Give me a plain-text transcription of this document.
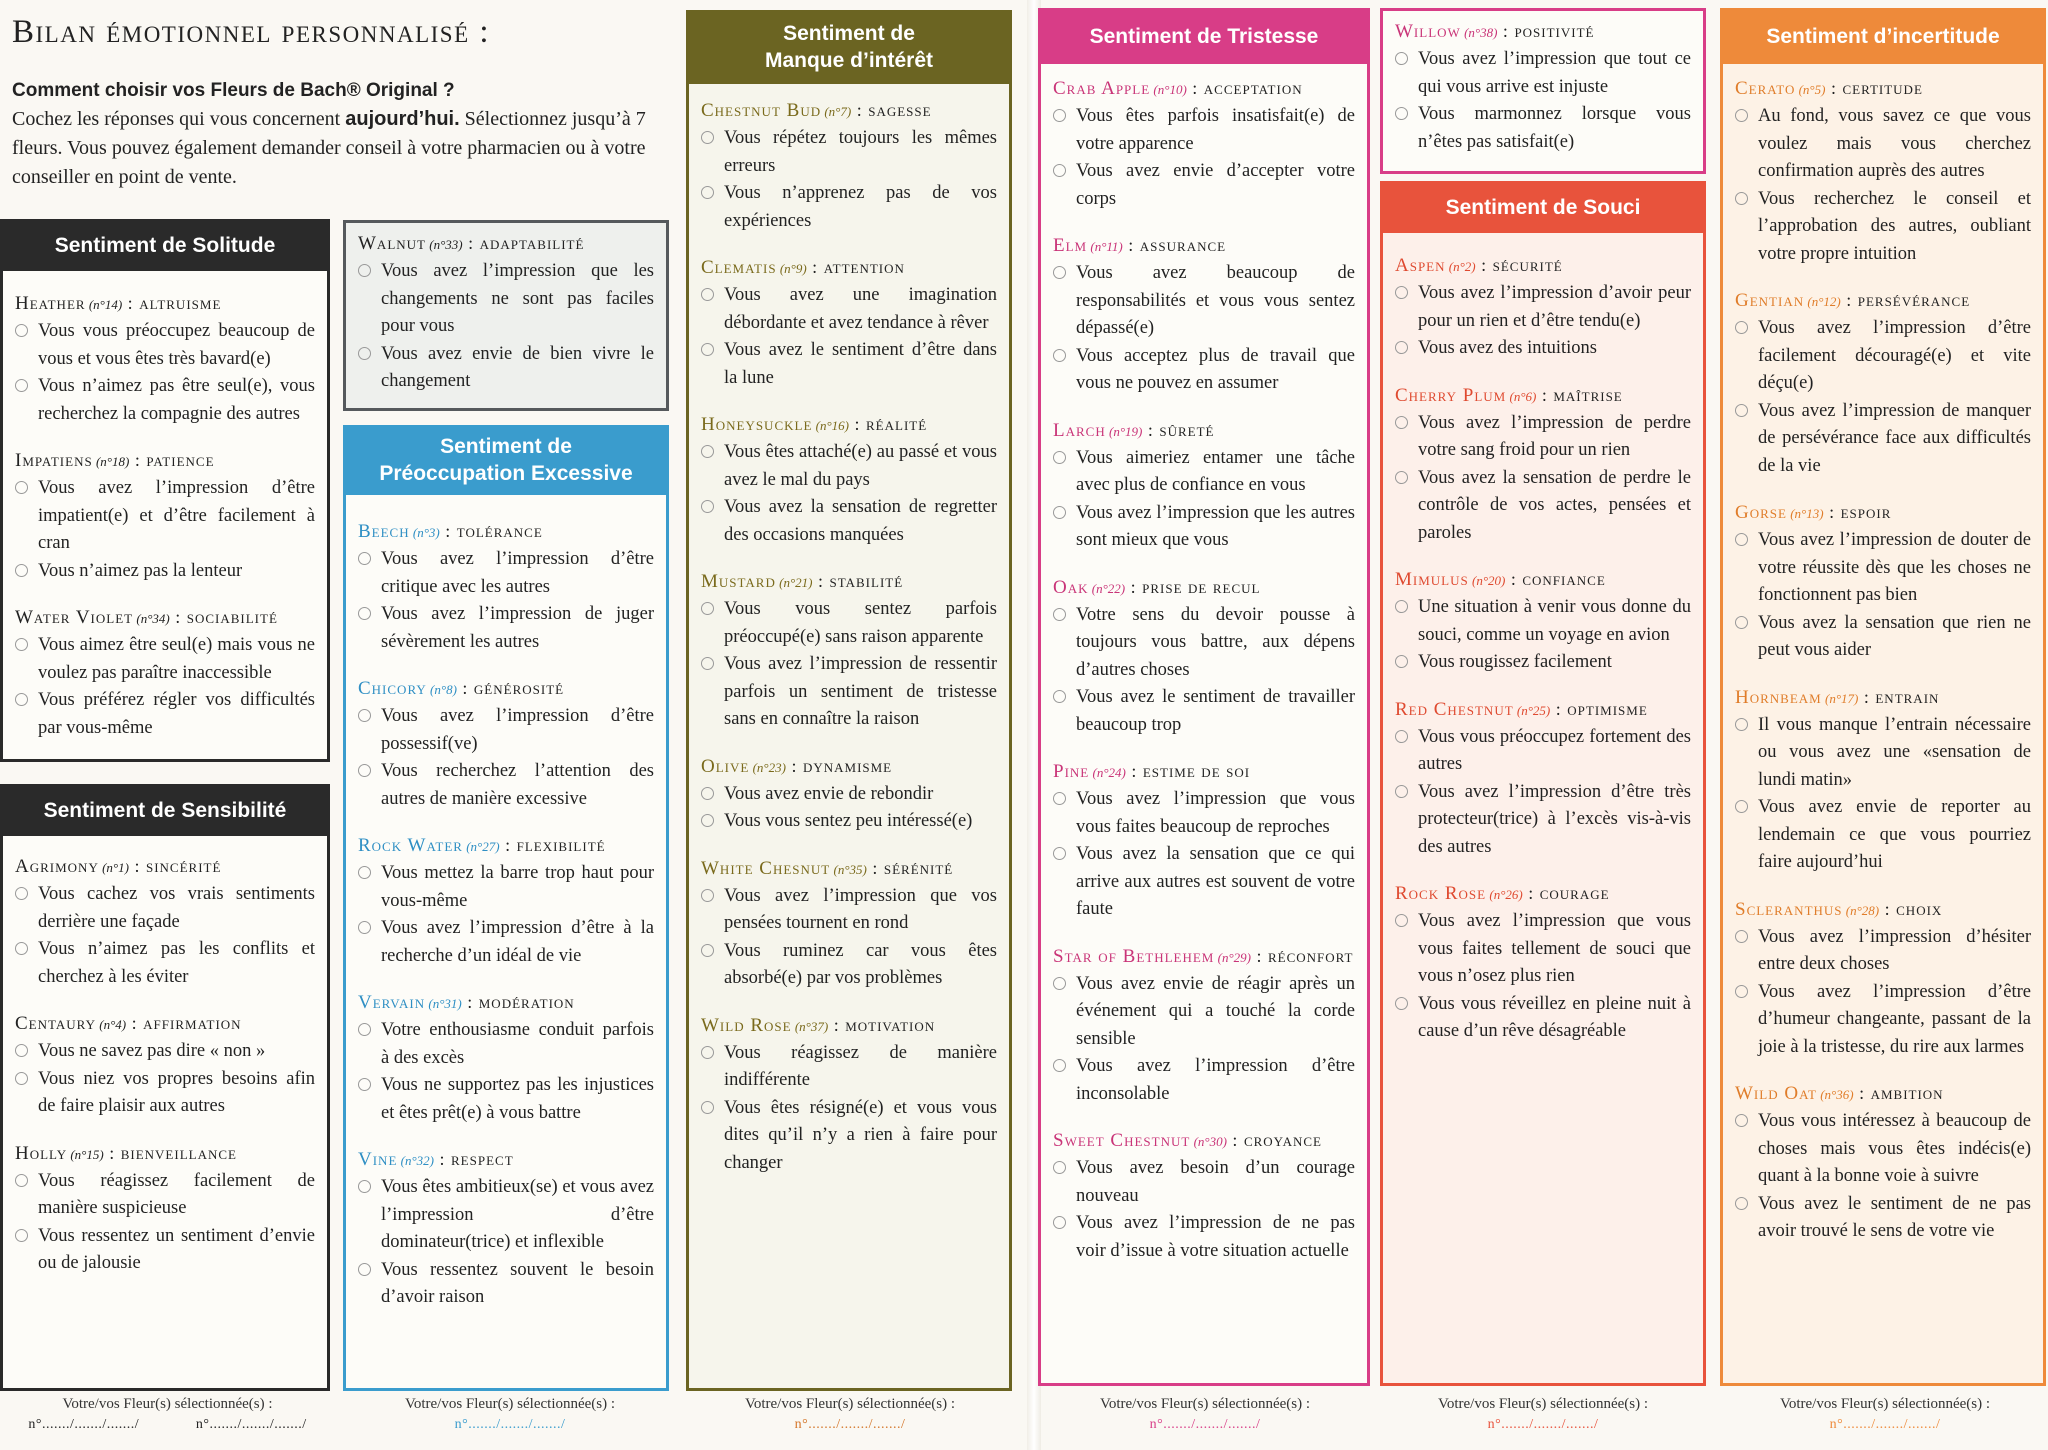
Bilan émotionnel personnalisé :
Comment choisir vos Fleurs de Bach® Original ?
Cochez les réponses qui vous concernent aujourd’hui. Sélectionnez jusqu’à 7 fleurs. Vous pouvez également demander conseil à votre pharmacien ou à votre conseiller en point de vente.
Sentiment de Solitude
Heather (n°14) : altruisme
Vous vous préoccupez beaucoup de vous et vous êtes très bavard(e)
Vous n’aimez pas être seul(e), vous recherchez la compagnie des autres
Impatiens (n°18) : patience
Vous avez l’impression d’être impatient(e) et d’être facilement à cran
Vous n’aimez pas la lenteur
Water Violet (n°34) : sociabilité
Vous aimez être seul(e) mais vous ne voulez pas paraître inaccessible
Vous préférez régler vos difficultés par vous-même
Sentiment de Sensibilité
Agrimony (n°1) : sincérité
Vous cachez vos vrais sentiments derrière une façade
Vous n’aimez pas les conflits et cherchez à les éviter
Centaury (n°4) : affirmation
Vous ne savez pas dire « non »
Vous niez vos propres besoins afin de faire plaisir aux autres
Holly (n°15) : bienveillance
Vous réagissez facilement de manière suspicieuse
Vous ressentez un sentiment d’envie ou de jalousie
Walnut (n°33) : adaptabilité
Vous avez l’impression que les changements ne sont pas faciles pour vous
Vous avez envie de bien vivre le changement
Sentiment de
Préoccupation Excessive
Beech (n°3) : tolérance
Vous avez l’impression d’être critique avec les autres
Vous avez l’impression de juger sévèrement les autres
Chicory (n°8) : générosité
Vous avez l’impression d’être possessif(ve)
Vous recherchez l’attention des autres de manière excessive
Rock Water (n°27) : flexibilité
Vous mettez la barre trop haut pour vous-même
Vous avez l’impression d’être à la recherche d’un idéal de vie
Vervain (n°31) : modération
Votre enthousiasme conduit parfois à des excès
Vous ne supportez pas les injustices et êtes prêt(e) à vous battre
Vine (n°32) : respect
Vous êtes ambitieux(se) et vous avez l’impression d’être dominateur(trice) et inflexible
Vous ressentez souvent le besoin d’avoir raison
Sentiment de
Manque d’intérêt
Chestnut Bud (n°7) : sagesse
Vous répétez toujours les mêmes erreurs
Vous n’apprenez pas de vos expériences
Clematis (n°9) : attention
Vous avez une imagination débordante et avez tendance à rêver
Vous avez le sentiment d’être dans la lune
Honeysuckle (n°16) : réalité
Vous êtes attaché(e) au passé et vous avez le mal du pays
Vous avez la sensation de regretter des occasions manquées
Mustard (n°21) : stabilité
Vous vous sentez parfois préoccupé(e) sans raison apparente
Vous avez l’impression de ressentir parfois un sentiment de tristesse sans en connaître la raison
Olive (n°23) : dynamisme
Vous avez envie de rebondir
Vous vous sentez peu intéressé(e)
White Chesnut (n°35) : sérénité
Vous avez l’impression que vos pensées tournent en rond
Vous ruminez car vous êtes absorbé(e) par vos problèmes
Wild Rose (n°37) : motivation
Vous réagissez de manière indifférente
Vous êtes résigné(e) et vous vous dites qu’il n’y a rien à faire pour changer
Sentiment de Tristesse
Crab Apple (n°10) : acceptation
Vous êtes parfois insatisfait(e) de votre apparence
Vous avez envie d’accepter votre corps
Elm (n°11) : assurance
Vous avez beaucoup de responsabilités et vous vous sentez dépassé(e)
Vous acceptez plus de travail que vous ne pouvez en assumer
Larch (n°19) : sûreté
Vous aimeriez entamer une tâche avec plus de confiance en vous
Vous avez l’impression que les autres sont mieux que vous
Oak (n°22) : prise de recul
Votre sens du devoir pousse à toujours vous battre, aux dépens d’autres choses
Vous avez le sentiment de travailler beaucoup trop
Pine (n°24) : estime de soi
Vous avez l’impression que vous vous faites beaucoup de reproches
Vous avez la sensation que ce qui arrive aux autres est souvent de votre faute
Star of Bethlehem (n°29) : réconfort
Vous avez envie de réagir après un événement qui a touché la corde sensible
Vous avez l’impression d’être inconsolable
Sweet Chestnut (n°30) : croyance
Vous avez besoin d’un courage nouveau
Vous avez l’impression de ne pas voir d’issue à votre situation actuelle
Willow (n°38) : positivité
Vous avez l’impression que tout ce qui vous arrive est injuste
Vous marmonnez lorsque vous n’êtes pas satisfait(e)
Sentiment de Souci
Aspen (n°2) : sécurité
Vous avez l’impression d’avoir peur pour un rien et d’être tendu(e)
Vous avez des intuitions
Cherry Plum (n°6) : maîtrise
Vous avez l’impression de perdre votre sang froid pour un rien
Vous avez la sensation de perdre le contrôle de vos actes, pensées et paroles
Mimulus (n°20) : confiance
Une situation à venir vous donne du souci, comme un voyage en avion
Vous rougissez facilement
Red Chestnut (n°25) : optimisme
Vous vous préoccupez fortement des autres
Vous avez l’impression d’être très protecteur(trice) à l’excès vis-à-vis des autres
Rock Rose (n°26) : courage
Vous avez l’impression que vous vous faites tellement de souci que vous n’osez plus rien
Vous vous réveillez en pleine nuit à cause d’un rêve désagréable
Sentiment d’incertitude
Cerato (n°5) : certitude
Au fond, vous savez ce que vous voulez mais vous cherchez confirmation auprès des autres
Vous recherchez le conseil et l’approbation des autres, oubliant votre propre intuition
Gentian (n°12) : persévérance
Vous avez l’impression d’être facilement découragé(e) et vite déçu(e)
Vous avez l’impression de manquer de persévérance face aux difficultés de la vie
Gorse (n°13) : espoir
Vous avez l’impression de douter de votre réussite dès que les choses ne fonctionnent pas bien
Vous avez la sensation que rien ne peut vous aider
Hornbeam (n°17) : entrain
Il vous manque l’entrain nécessaire ou vous avez une «sensation de lundi matin»
Vous avez envie de reporter au lendemain ce que vous pourriez faire aujourd’hui
Scleranthus (n°28) : choix
Vous avez l’impression d’hésiter entre deux choses
Vous avez l’impression d’être d’humeur changeante, passant de la joie à la tristesse, du rire aux larmes
Wild Oat (n°36) : ambition
Vous vous intéressez à beaucoup de choses mais vous êtes indécis(e) quant à la bonne voie à suivre
Vous avez le sentiment de ne pas avoir trouvé le sens de votre vie
Votre/vos Fleur(s) sélectionnée(s) :
n°......./......./......./	n°......./......./......./
Votre/vos Fleur(s) sélectionnée(s) :
n°......./......./......./
Votre/vos Fleur(s) sélectionnée(s) :
n°......./......./......./
Votre/vos Fleur(s) sélectionnée(s) :
n°......./......./......./
Votre/vos Fleur(s) sélectionnée(s) :
n°......./......./......./
Votre/vos Fleur(s) sélectionnée(s) :
n°......./......./......./
